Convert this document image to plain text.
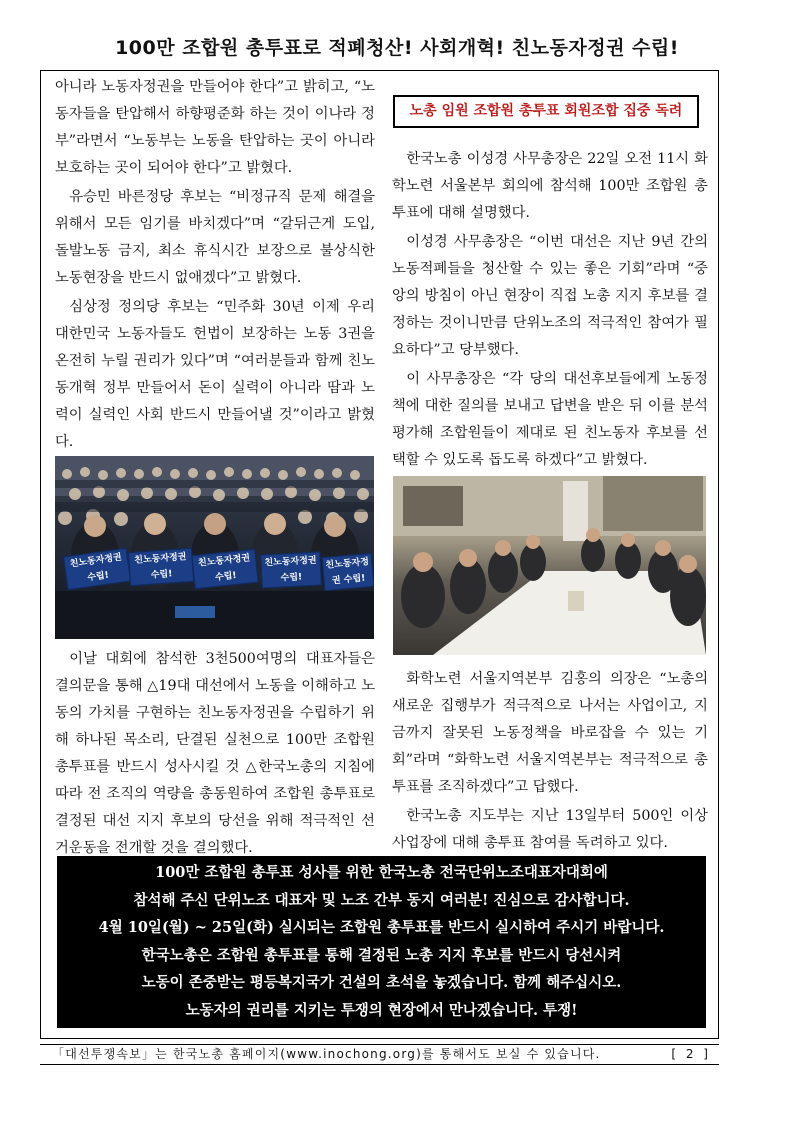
100만 조합원 총투표로 적폐청산! 사회개혁! 친노동자정권 수립!

아니라 노동자정권을 만들어야 한다”고 밝히고, “노동자들을 탄압해서 하향평준화 하는 것이 이나라 정부”라면서 “노동부는 노동을 탄압하는 곳이 아니라 보호하는 곳이 되어야 한다”고 밝혔다.

유승민 바른정당 후보는 “비정규직 문제 해결을 위해서 모든 임기를 바치겠다”며 “갈뒤근게 도입, 돌발노동 금지, 최소 휴식시간 보장으로 불상식한 노동현장을 반드시 없애겠다”고 밝혔다.

심상정 정의당 후보는 “민주화 30년 이제 우리 대한민국 노동자들도 헌법이 보장하는 노동 3권을 온전히 누릴 권리가 있다”며 “여러분들과 함께 친노동개혁 정부 만들어서 돈이 실력이 아니라 땀과 노력이 실력인 사회 반드시 만들어낼 것”이라고 밝혔다.

친노동자정권 수립!
친노동자정권 수립!
친노동자정권 수립!
친노동자정권 수립!
친노동자정권 수립!

이날 대회에 참석한 3천500여명의 대표자들은 결의문을 통해 △19대 대선에서 노동을 이해하고 노동의 가치를 구현하는 친노동자정권을 수립하기 위해 하나된 목소리, 단결된 실천으로 100만 조합원 총투표를 반드시 성사시킬 것 △한국노총의 지침에 따라 전 조직의 역량을 총동원하여 조합원 총투표로 결정된 대선 지지 후보의 당선을 위해 적극적인 선거운동을 전개할 것을 결의했다.

노총 임원 조합원 총투표 회원조합 집중 독려

한국노총 이성경 사무총장은 22일 오전 11시 화학노련 서울본부 회의에 참석해 100만 조합원 총투표에 대해 설명했다.

이성경 사무총장은 “이번 대선은 지난 9년 간의 노동적폐들을 청산할 수 있는 좋은 기회”라며 “중앙의 방침이 아닌 현장이 직접 노총 지지 후보를 결정하는 것이니만큼 단위노조의 적극적인 참여가 필요하다”고 당부했다.

이 사무총장은 “각 당의 대선후보들에게 노동정책에 대한 질의를 보내고 답변을 받은 뒤 이를 분석 평가해 조합원들이 제대로 된 친노동자 후보를 선택할 수 있도록 돕도록 하겠다”고 밝혔다.

화학노련 서울지역본부 김홍의 의장은 “노총의 새로운 집행부가 적극적으로 나서는 사업이고, 지금까지 잘못된 노동정책을 바로잡을 수 있는 기회”라며 “화학노련 서울지역본부는 적극적으로 총투표를 조직하겠다”고 답했다.

한국노총 지도부는 지난 13일부터 500인 이상 사업장에 대해 총투표 참여를 독려하고 있다.

100만 조합원 총투표 성사를 위한 한국노총 전국단위노조대표자대회에
참석해 주신 단위노조 대표자 및 노조 간부 동지 여러분! 진심으로 감사합니다.
4월 10일(월) ~ 25일(화) 실시되는 조합원 총투표를 반드시 실시하여 주시기 바랍니다.
한국노총은 조합원 총투표를 통해 결정된 노총 지지 후보를 반드시 당선시켜
노동이 존중받는 평등복지국가 건설의 초석을 놓겠습니다. 함께 해주십시오.
노동자의 권리를 지키는 투쟁의 현장에서 만나겠습니다. 투쟁!
「대선투쟁속보」는 한국노총 홈페이지(www.inochong.org)를 통해서도 보실 수 있습니다.	[ 2 ]
